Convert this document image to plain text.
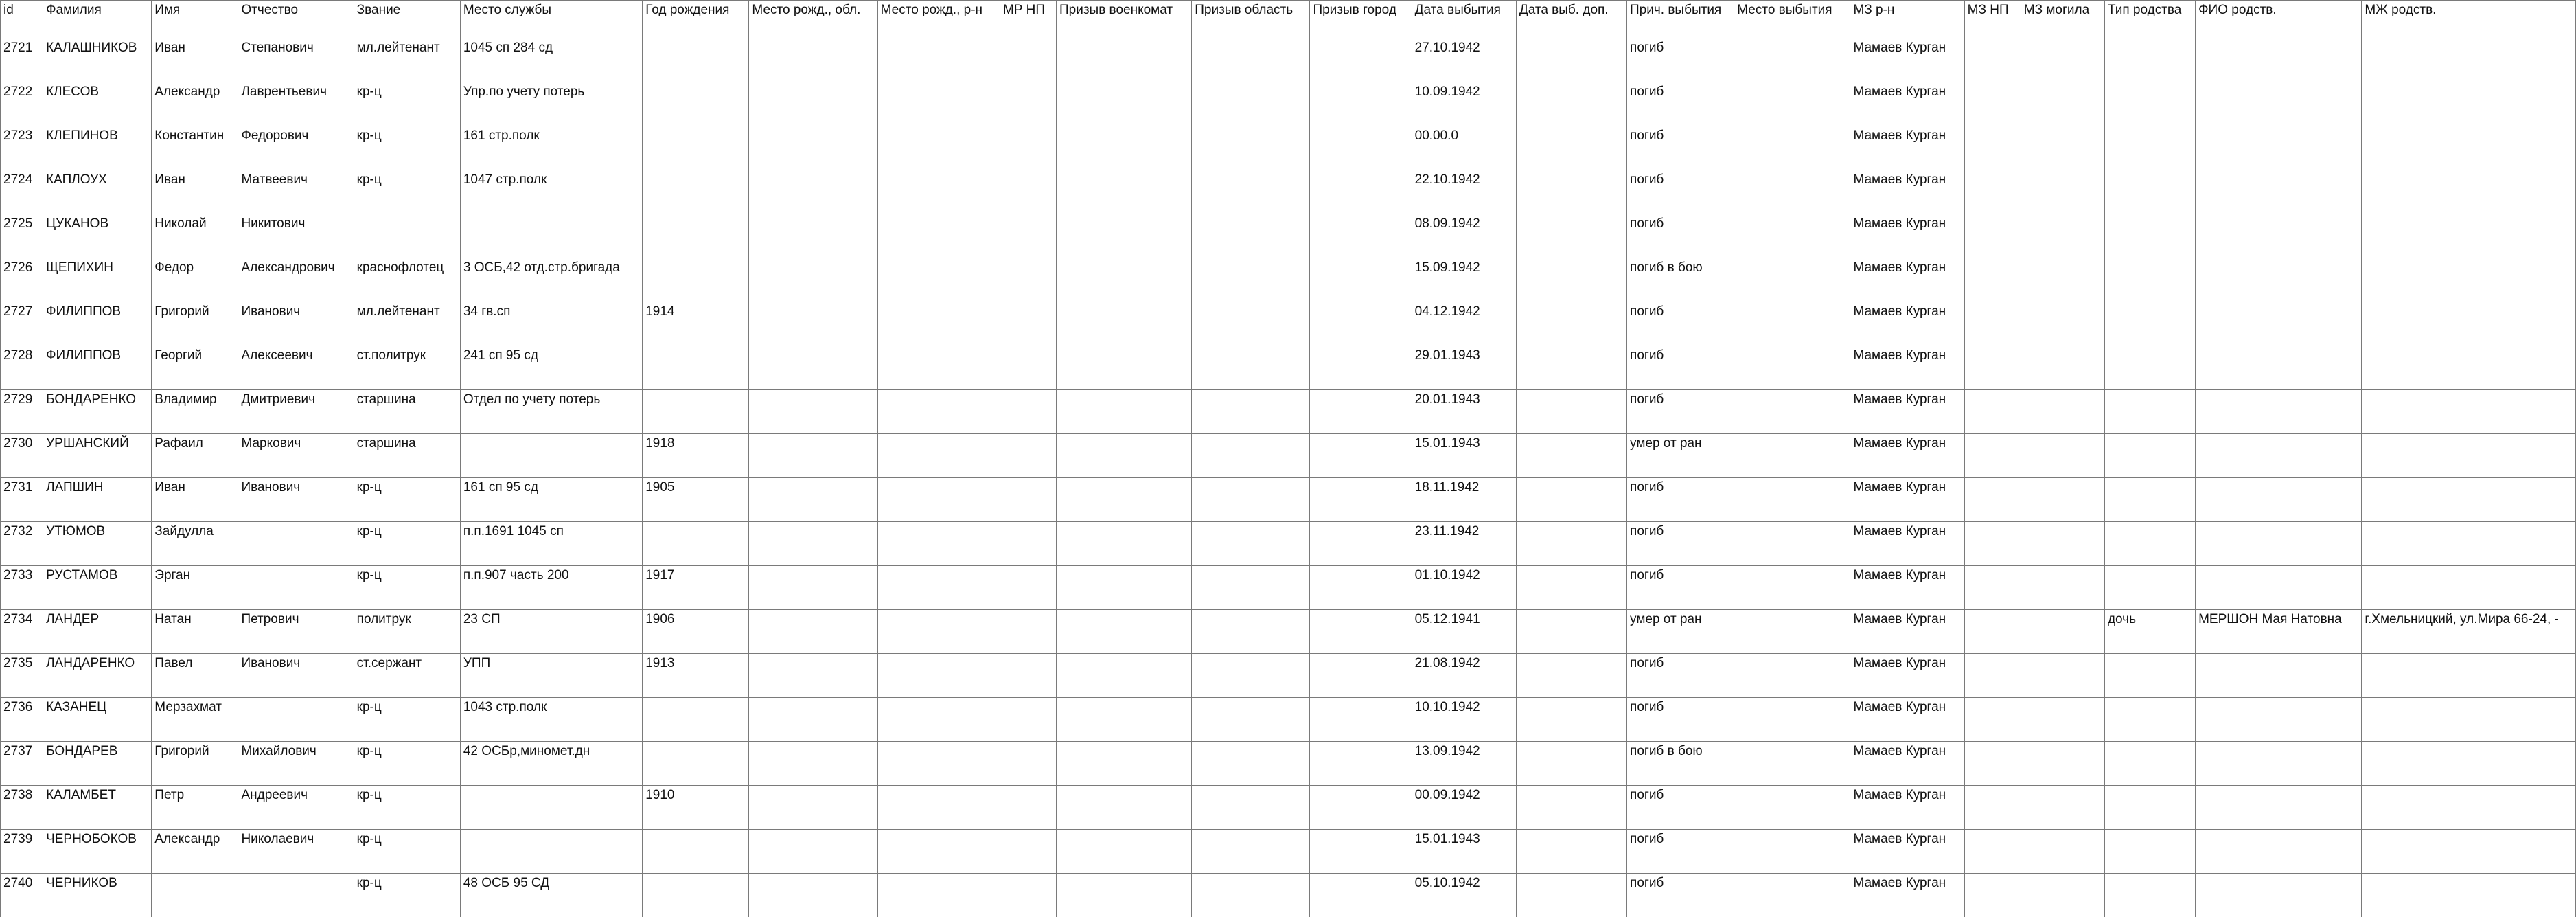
id	Фамилия	Имя	Отчество	Звание	Место службы	Год рождения	Место рожд., обл.	Место рожд., р-н	МР НП	Призыв военкомат	Призыв область	Призыв город	Дата выбытия	Дата выб. доп.	Прич. выбытия	Место выбытия	МЗ р-н	МЗ НП	МЗ могила	Тип родства	ФИО родств.	МЖ родств.
2721	КАЛАШНИКОВ	Иван	Степанович	мл.лейтенант	1045 сп 284 сд								27.10.1942		погиб		Мамаев Курган					
2722	КЛЕСОВ	Александр	Лаврентьевич	кр-ц	Упр.по учету потерь								10.09.1942		погиб		Мамаев Курган					
2723	КЛЕПИНОВ	Константин	Федорович	кр-ц	161 стр.полк								00.00.0		погиб		Мамаев Курган					
2724	КАПЛОУХ	Иван	Матвеевич	кр-ц	1047 стр.полк								22.10.1942		погиб		Мамаев Курган					
2725	ЦУКАНОВ	Николай	Никитович										08.09.1942		погиб		Мамаев Курган					
2726	ЩЕПИХИН	Федор	Александрович	краснофлотец	3 ОСБ,42 отд.стр.бригада								15.09.1942		погиб в бою		Мамаев Курган					
2727	ФИЛИППОВ	Григорий	Иванович	мл.лейтенант	34 гв.сп	1914							04.12.1942		погиб		Мамаев Курган					
2728	ФИЛИППОВ	Георгий	Алексеевич	ст.политрук	241 сп 95 сд								29.01.1943		погиб		Мамаев Курган					
2729	БОНДАРЕНКО	Владимир	Дмитриевич	старшина	Отдел по учету потерь								20.01.1943		погиб		Мамаев Курган					
2730	УРШАНСКИЙ	Рафаил	Маркович	старшина		1918							15.01.1943		умер от ран		Мамаев Курган					
2731	ЛАПШИН	Иван	Иванович	кр-ц	161 сп 95 сд	1905							18.11.1942		погиб		Мамаев Курган					
2732	УТЮМОВ	Зайдулла		кр-ц	п.п.1691 1045 сп								23.11.1942		погиб		Мамаев Курган					
2733	РУСТАМОВ	Эрган		кр-ц	п.п.907 часть 200	1917							01.10.1942		погиб		Мамаев Курган					
2734	ЛАНДЕР	Натан	Петрович	политрук	23 СП	1906							05.12.1941		умер от ран		Мамаев Курган			дочь	МЕРШОН Мая Натовна	г.Хмельницкий, ул.Мира 66-24, -
2735	ЛАНДАРЕНКО	Павел	Иванович	ст.сержант	УПП	1913							21.08.1942		погиб		Мамаев Курган					
2736	КАЗАНЕЦ	Мерзахмат		кр-ц	1043 стр.полк								10.10.1942		погиб		Мамаев Курган					
2737	БОНДАРЕВ	Григорий	Михайлович	кр-ц	42 ОСБр,миномет.дн								13.09.1942		погиб в бою		Мамаев Курган					
2738	КАЛАМБЕТ	Петр	Андреевич	кр-ц		1910							00.09.1942		погиб		Мамаев Курган					
2739	ЧЕРНОБОКОВ	Александр	Николаевич	кр-ц									15.01.1943		погиб		Мамаев Курган					
2740	ЧЕРНИКОВ			кр-ц	48 ОСБ 95 СД								05.10.1942		погиб		Мамаев Курган					
